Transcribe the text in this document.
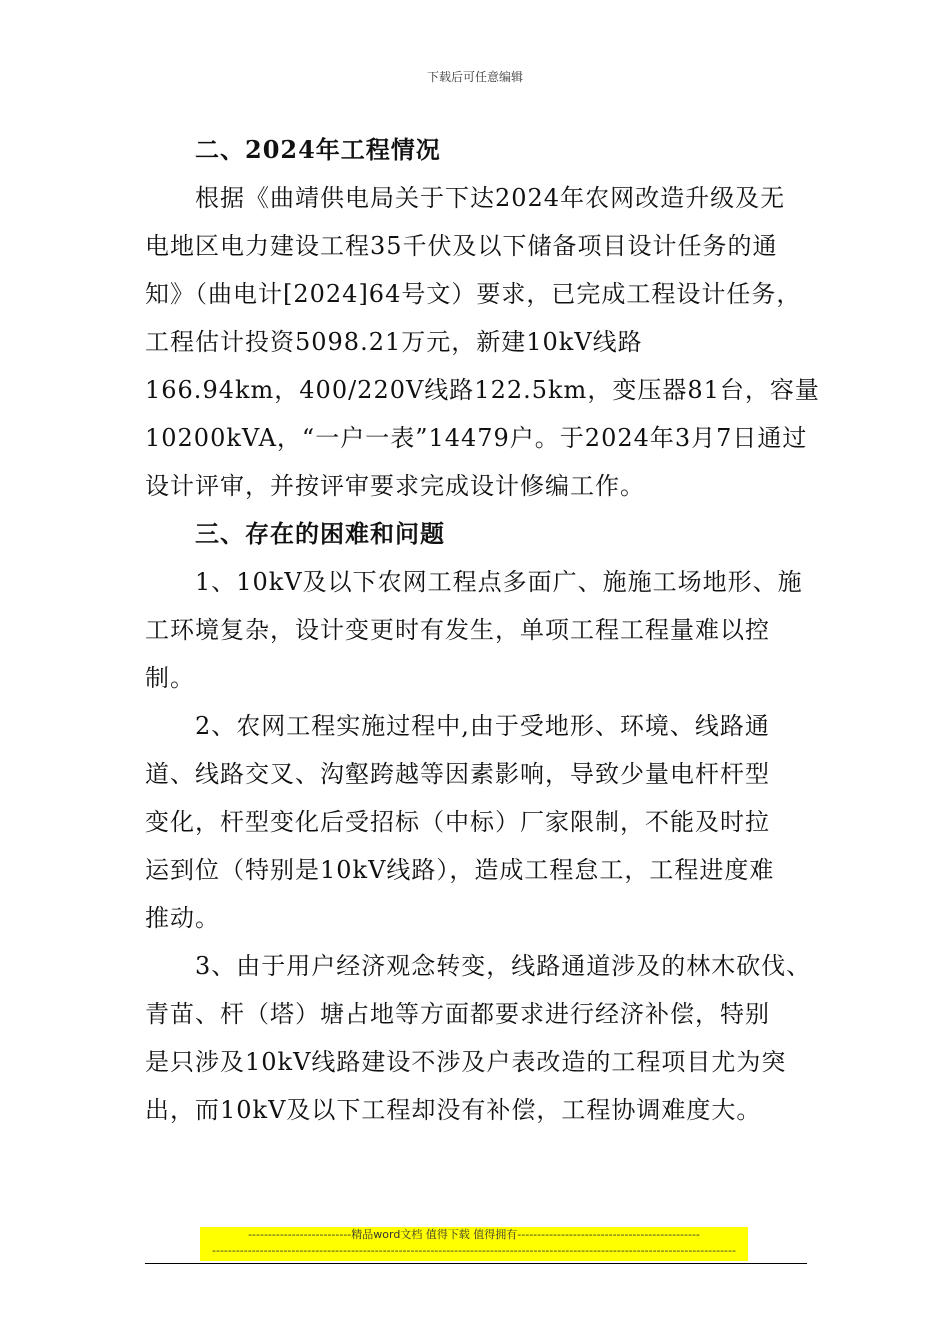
下载后可任意编辑
二、2024年工程情况
根据《曲靖供电局关于下达2024年农网改造升级及无
电地区电力建设工程35千伏及以下储备项目设计任务的通
知》（曲电计[2024]64号文）要求，已完成工程设计任务，
工程估计投资5098.21万元，新建10kV线路
166.94km，400/220V线路122.5km，变压器81台，容量
10200kVA，“一户一表”14479户。于2024年3月7日通过
设计评审，并按评审要求完成设计修编工作。
三、存在的困难和问题
1、10kV及以下农网工程点多面广、施施工场地形、施
工环境复杂，设计变更时有发生，单项工程工程量难以控
制。
2、农网工程实施过程中,由于受地形、环境、线路通
道、线路交叉、沟壑跨越等因素影响，导致少量电杆杆型
变化，杆型变化后受招标（中标）厂家限制，不能及时拉
运到位（特别是10kV线路），造成工程怠工，工程进度难
推动。
3、由于用户经济观念转变，线路通道涉及的林木砍伐、
青苗、杆（塔）塘占地等方面都要求进行经济补偿，特别
是只涉及10kV线路建设不涉及户表改造的工程项目尤为突
出，而10kV及以下工程却没有补偿，工程协调难度大。
--------------------------精品word文档 值得下载 值得拥有----------------------------------------------
------------------------------------------------------------------------------------------------------------------------------------
